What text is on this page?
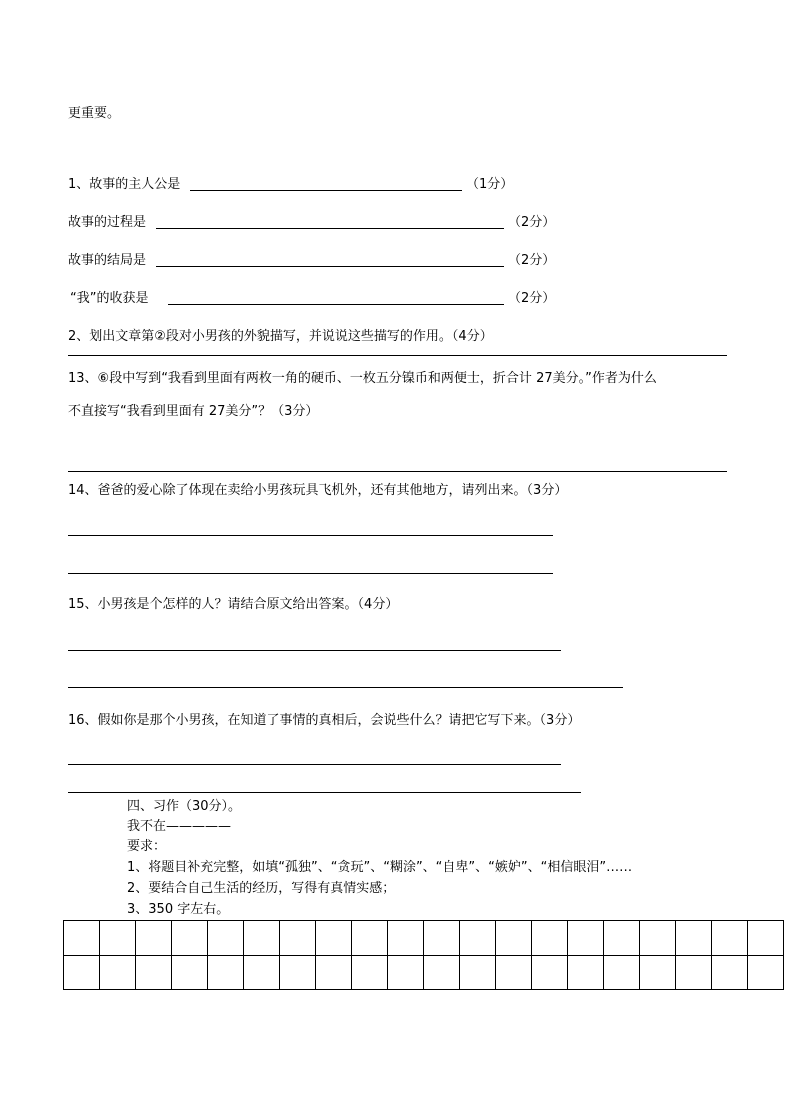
更重要。
1、故事的主人公是	（1分）
故事的过程是	（2分）
故事的结局是	（2分）
“我”的收获是	（2分）
2、划出文章第②段对小男孩的外貌描写，并说说这些描写的作用。（4分）
13、⑥段中写到“我看到里面有两枚一角的硬币、一枚五分镍币和两便士，折合计 27美分。”作者为什么
不直接写“我看到里面有 27美分”？（3分）
14、爸爸的爱心除了体现在卖给小男孩玩具飞机外，还有其他地方，请列出来。（3分）
15、小男孩是个怎样的人？请结合原文给出答案。（4分）
16、假如你是那个小男孩，在知道了事情的真相后，会说些什么？请把它写下来。（3分）
四、习作（30分）。
我不在—————
要求：
1、将题目补充完整，如填“孤独”、“贪玩”、“糊涂”、“自卑”、“嫉妒”、“相信眼泪”……
2、要结合自己生活的经历，写得有真情实感；
3、350 字左右。
